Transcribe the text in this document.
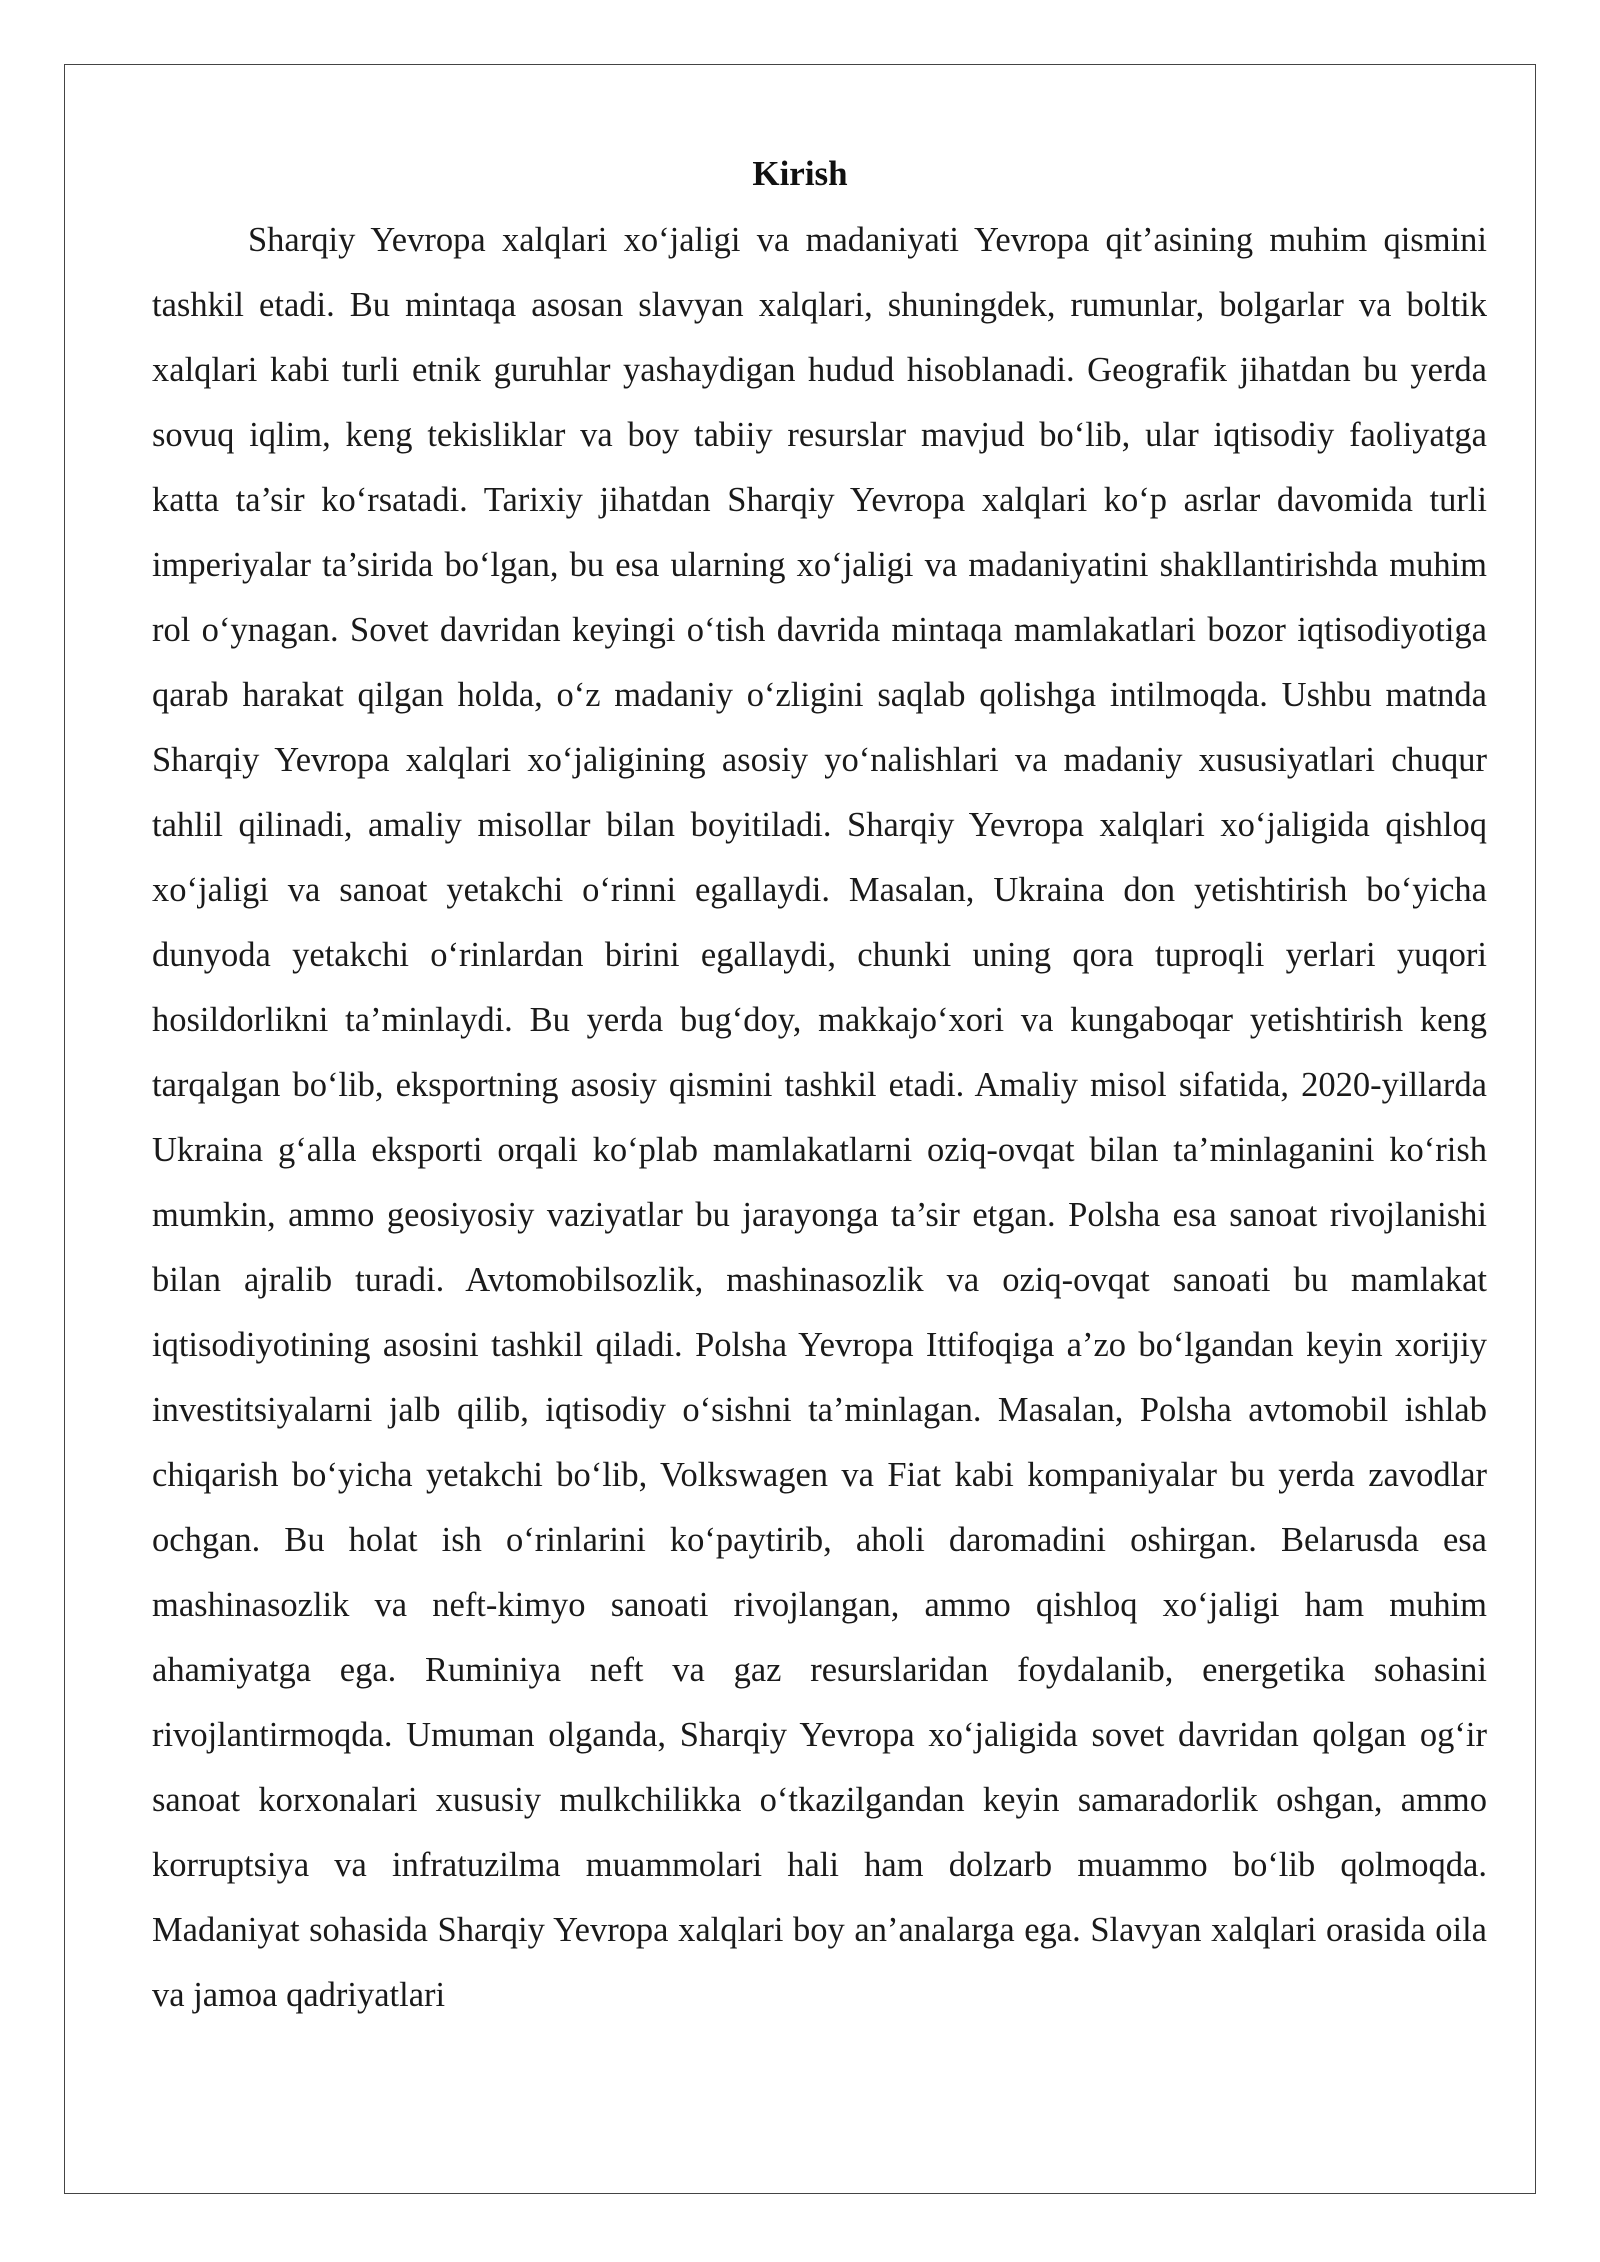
Kirish

Sharqiy Yevropa xalqlari xo‘jaligi va madaniyati Yevropa qit’asining muhim qismini tashkil etadi. Bu mintaqa asosan slavyan xalqlari, shuningdek, rumunlar, bolgarlar va boltik xalqlari kabi turli etnik guruhlar yashaydigan hudud hisoblanadi. Geografik jihatdan bu yerda sovuq iqlim, keng tekisliklar va boy tabiiy resurslar mavjud bo‘lib, ular iqtisodiy faoliyatga katta ta’sir ko‘rsatadi. Tarixiy jihatdan Sharqiy Yevropa xalqlari ko‘p asrlar davomida turli imperiyalar ta’sirida bo‘lgan, bu esa ularning xo‘jaligi va madaniyatini shakllantirishda muhim rol o‘ynagan. Sovet davridan keyingi o‘tish davrida mintaqa mamlakatlari bozor iqtisodiyotiga qarab harakat qilgan holda, o‘z madaniy o‘zligini saqlab qolishga intilmoqda. Ushbu matnda Sharqiy Yevropa xalqlari xo‘jaligining asosiy yo‘nalishlari va madaniy xususiyatlari chuqur tahlil qilinadi, amaliy misollar bilan boyitiladi. Sharqiy Yevropa xalqlari xo‘jaligida qishloq xo‘jaligi va sanoat yetakchi o‘rinni egallaydi. Masalan, Ukraina don yetishtirish bo‘yicha dunyoda yetakchi o‘rinlardan birini egallaydi, chunki uning qora tuproqli yerlari yuqori hosildorlikni ta’minlaydi. Bu yerda bug‘doy, makkajo‘xori va kungaboqar yetishtirish keng tarqalgan bo‘lib, eksportning asosiy qismini tashkil etadi. Amaliy misol sifatida, 2020-yillarda Ukraina g‘alla eksporti orqali ko‘plab mamlakatlarni oziq-ovqat bilan ta’minlaganini ko‘rish mumkin, ammo geosiyosiy vaziyatlar bu jarayonga ta’sir etgan. Polsha esa sanoat rivojlanishi bilan ajralib turadi. Avtomobilsozlik, mashinasozlik va oziq-ovqat sanoati bu mamlakat iqtisodiyotining asosini tashkil qiladi. Polsha Yevropa Ittifoqiga a’zo bo‘lgandan keyin xorijiy investitsiyalarni jalb qilib, iqtisodiy o‘sishni ta’minlagan. Masalan, Polsha avtomobil ishlab chiqarish bo‘yicha yetakchi bo‘lib, Volkswagen va Fiat kabi kompaniyalar bu yerda zavodlar ochgan. Bu holat ish o‘rinlarini ko‘paytirib, aholi daromadini oshirgan. Belarusda esa mashinasozlik va neft-kimyo sanoati rivojlangan, ammo qishloq xo‘jaligi ham muhim ahamiyatga ega. Ruminiya neft va gaz resurslaridan foydalanib, energetika sohasini rivojlantirmoqda. Umuman olganda, Sharqiy Yevropa xo‘jaligida sovet davridan qolgan og‘ir sanoat korxonalari xususiy mulkchilikka o‘tkazilgandan keyin samaradorlik oshgan, ammo korruptsiya va infratuzilma muammolari hali ham dolzarb muammo bo‘lib qolmoqda. Madaniyat sohasida Sharqiy Yevropa xalqlari boy an’analarga ega. Slavyan xalqlari orasida oila va jamoa qadriyatlari
